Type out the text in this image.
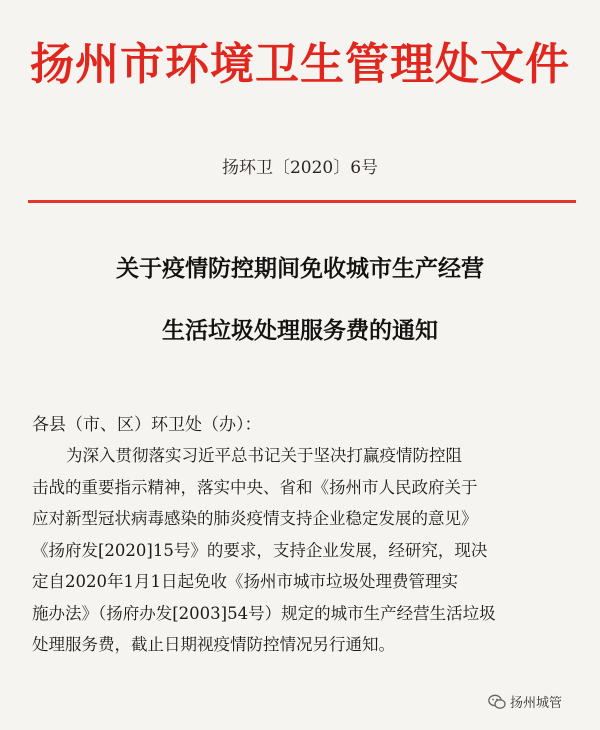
扬州市环境卫生管理处文件
扬环卫〔2020〕6号
关于疫情防控期间免收城市生产经营
生活垃圾处理服务费的通知
各县（市、区）环卫处（办）：
为深入贯彻落实习近平总书记关于坚决打赢疫情防控阻
击战的重要指示精神，落实中央、省和《扬州市人民政府关于
应对新型冠状病毒感染的肺炎疫情支持企业稳定发展的意见》
《扬府发[2020]15号》的要求，支持企业发展，经研究，现决
定自2020年1月1日起免收《扬州市城市垃圾处理费管理实
施办法》（扬府办发[2003]54号）规定的城市生产经营生活垃圾
处理服务费，截止日期视疫情防控情况另行通知。
扬州城管
